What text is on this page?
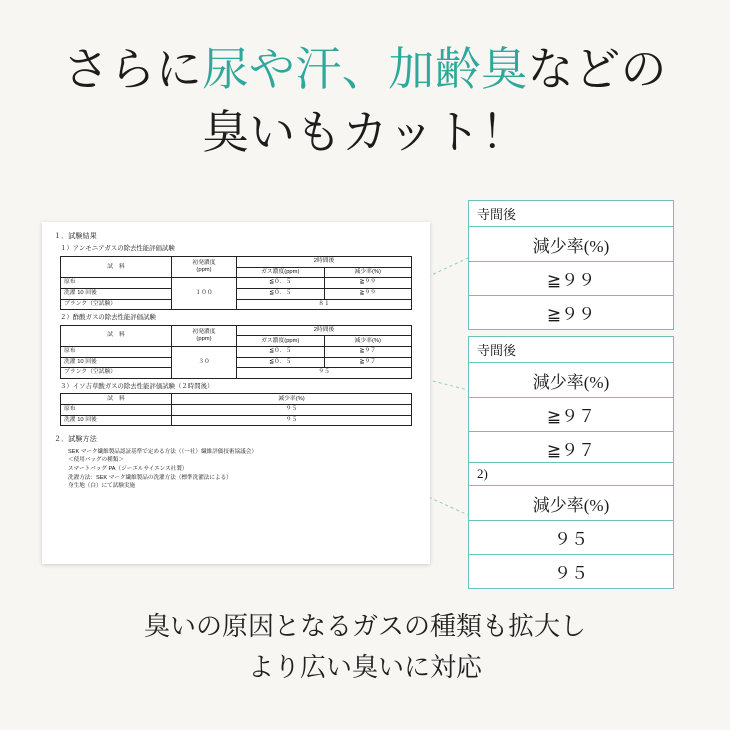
さらに尿や汗、加齢臭などの
臭いもカット！
１．試験結果
１）アンモニアガスの除去性能評価試験
試　料	初発濃度
(ppm)	2時間後	
		ガス濃度(ppm)	減少率(%)
原布	１００	≦０．５	≧９９
洗濯 10 回後		≦０．５	≧９９
ブランク（空試験）		８１	
２）酢酸ガスの除去性能評価試験
試　料	初発濃度
(ppm)	2時間後	
		ガス濃度(ppm)	減少率(%)
原布	３０	≦０．５	≧９７
洗濯 10 回後		≦０．５	≧９７
ブランク（空試験）		９５	
３）イソ吉草酸ガスの除去性能評価試験（２時間後）
試　料	減少率(%)
原布	９５
洗濯 10 回後	９５
２．試験方法
SEK マーク繊維製品認証基準で定める方法（（一社）繊維評価技術協議会）
＜使用バッグの種類＞
スマートバッグ PA（ジーエルサイエンス社製）
洗濯方法：SEK マーク繊維製品の洗濯方法（標準洗濯法による）
身生地（白）にて試験実施
寺間後
減少率(%)
≧９９
≧９９
寺間後
減少率(%)
≧９７
≧９７
2)
減少率(%)
９５
９５
臭いの原因となるガスの種類も拡大し
より広い臭いに対応
